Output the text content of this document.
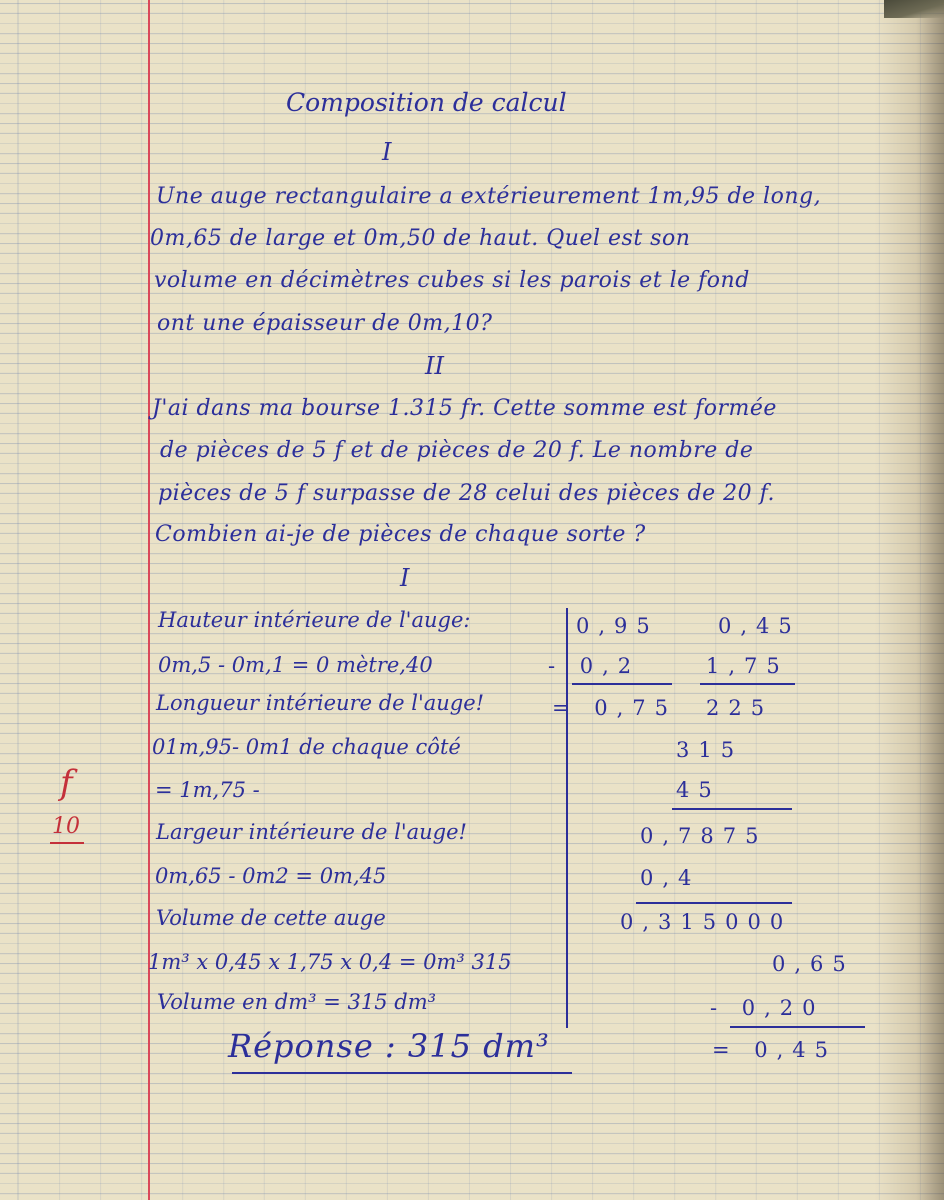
Composition de calcul
I
Une auge rectangulaire a extérieurement 1m,95 de long,
0m,65 de large et 0m,50 de haut. Quel est son
volume en décimètres cubes si les parois et le fond
ont une épaisseur de 0m,10?
II
J'ai dans ma bourse 1.315 fr. Cette somme est formée
de pièces de 5 f et de pièces de 20 f. Le nombre de
pièces de 5 f surpasse de 28 celui des pièces de 20 f.
Combien ai-je de pièces de chaque sorte ?
I
Hauteur intérieure de l'auge:
0m,5 - 0m,1 = 0 mètre,40
Longueur intérieure de l'auge!
01m,95- 0m1 de chaque côté
= 1m,75 -
Largeur intérieure de l'auge!
0m,65 - 0m2 = 0m,45
Volume de cette auge
1m³ x 0,45 x 1,75 x 0,4 = 0m³ 315
Volume en dm³ = 315 dm³
Réponse : 315 dm³
0,95
- 0,2
= 0,75
0,45
1,75
225
315
45
0,7875
0,4
0,315000
0,65
- 0,20
= 0,45
f
10
